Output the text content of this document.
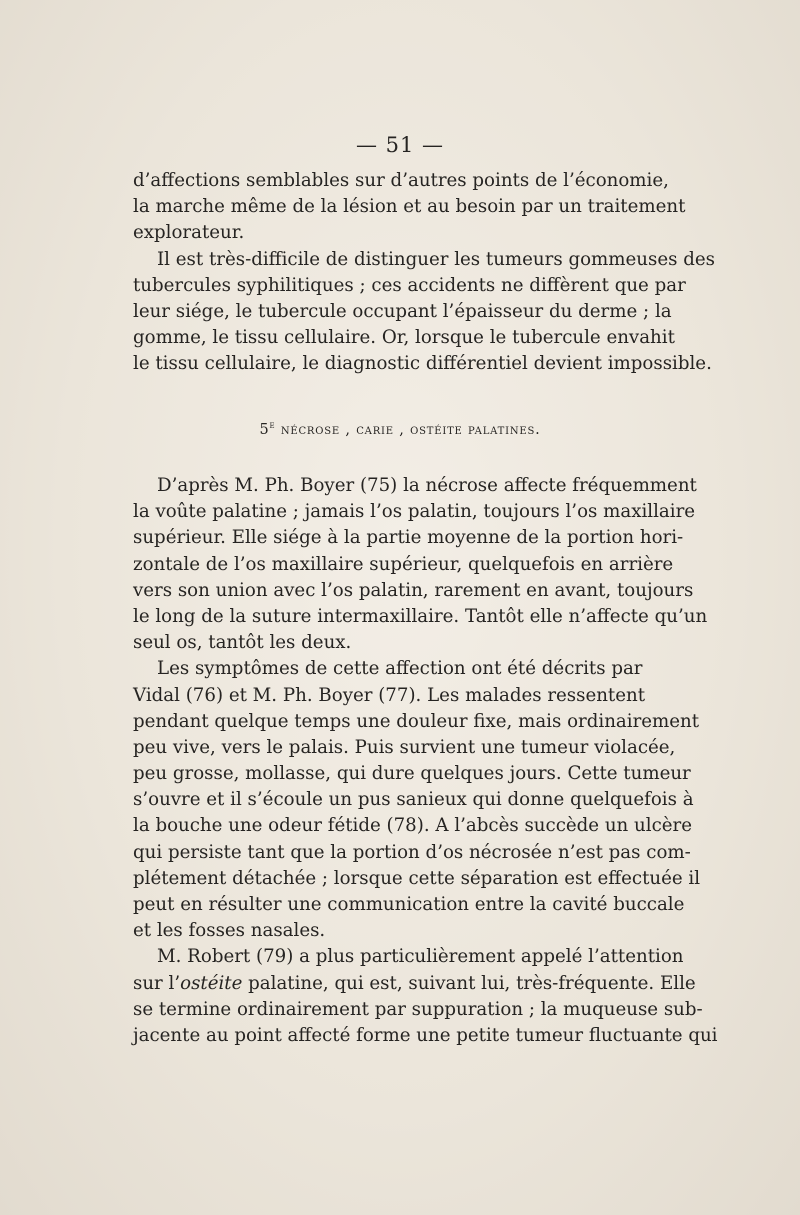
— 51 —
d’affections semblables sur d’autres points de l’économie,
la marche même de la lésion et au besoin par un traitement
explorateur.
Il est très-difficile de distinguer les tumeurs gommeuses des
tubercules syphilitiques ; ces accidents ne diffèrent que par
leur siége, le tubercule occupant l’épaisseur du derme ; la
gomme, le tissu cellulaire. Or, lorsque le tubercule envahit
le tissu cellulaire, le diagnostic différentiel devient impossible.
5e nécrose , carie , ostéite palatines.
D’après M. Ph. Boyer (75) la nécrose affecte fréquemment
la voûte palatine ; jamais l’os palatin, toujours l’os maxillaire
supérieur. Elle siége à la partie moyenne de la portion hori-
zontale de l’os maxillaire supérieur, quelquefois en arrière
vers son union avec l’os palatin, rarement en avant, toujours
le long de la suture intermaxillaire. Tantôt elle n’affecte qu’un
seul os, tantôt les deux.
Les symptômes de cette affection ont été décrits par
Vidal (76) et M. Ph. Boyer (77). Les malades ressentent
pendant quelque temps une douleur fixe, mais ordinairement
peu vive, vers le palais. Puis survient une tumeur violacée,
peu grosse, mollasse, qui dure quelques jours. Cette tumeur
s’ouvre et il s’écoule un pus sanieux qui donne quelquefois à
la bouche une odeur fétide (78). A l’abcès succède un ulcère
qui persiste tant que la portion d’os nécrosée n’est pas com-
plétement détachée ; lorsque cette séparation est effectuée il
peut en résulter une communication entre la cavité buccale
et les fosses nasales.
M. Robert (79) a plus particulièrement appelé l’attention
sur l’ostéite palatine, qui est, suivant lui, très-fréquente. Elle
se termine ordinairement par suppuration ; la muqueuse sub-
jacente au point affecté forme une petite tumeur fluctuante qui
